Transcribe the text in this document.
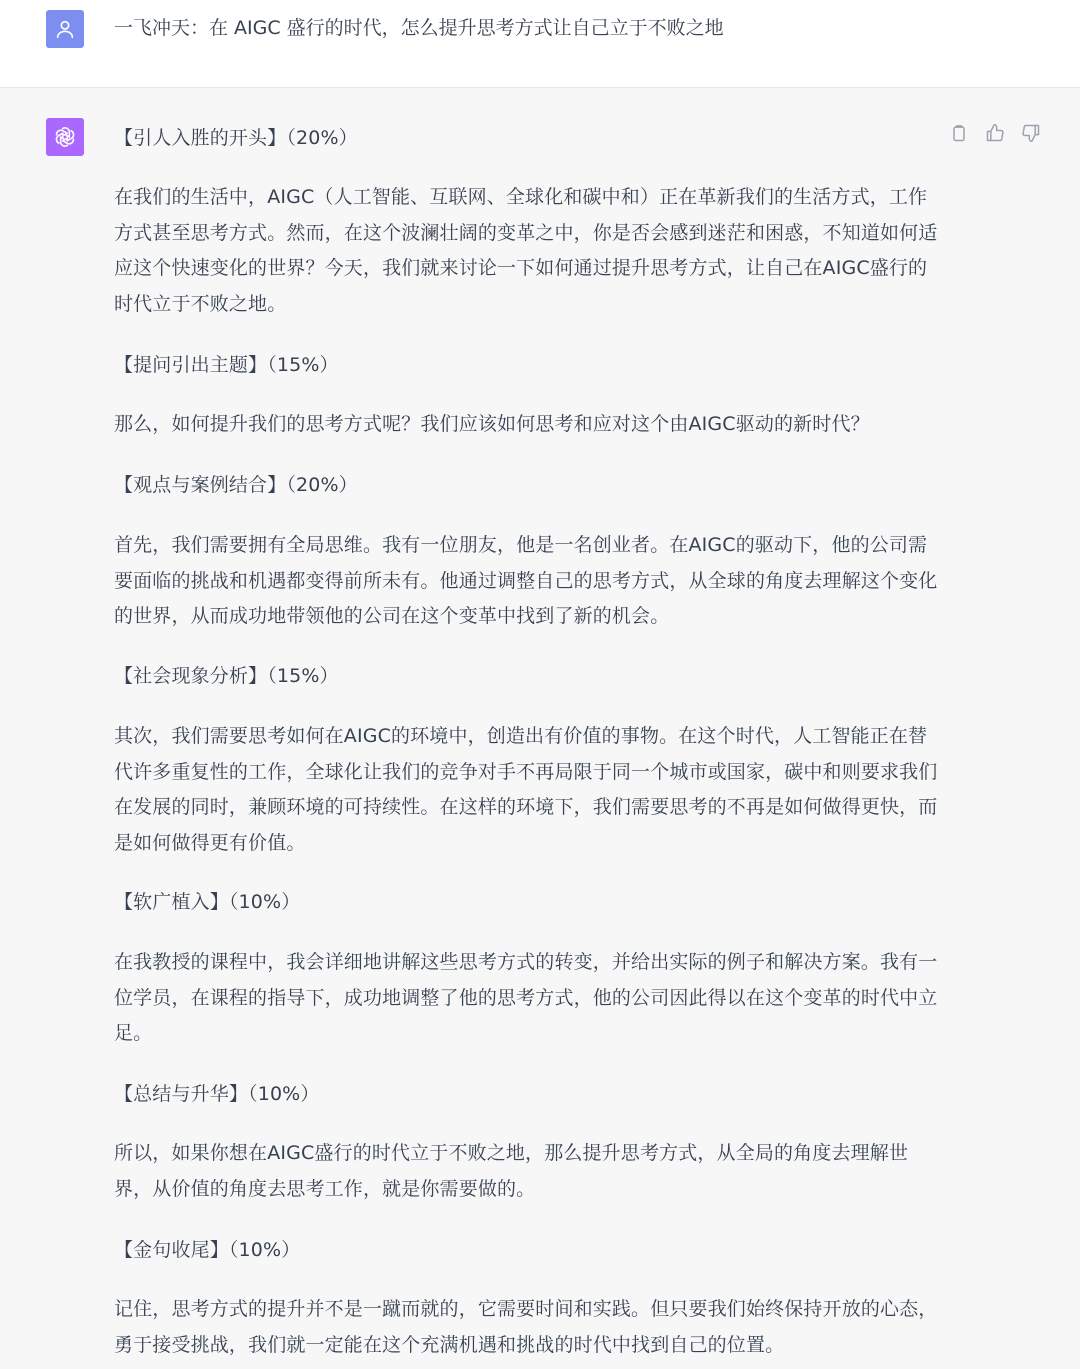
一飞冲天：在 AIGC 盛行的时代，怎么提升思考方式让自己立于不败之地
【引人入胜的开头】（20%）
在我们的生活中，AIGC（人工智能、互联网、全球化和碳中和）正在革新我们的生活方式，工作方式甚至思考方式。然而，在这个波澜壮阔的变革之中，你是否会感到迷茫和困惑，不知道如何适应这个快速变化的世界？今天，我们就来讨论一下如何通过提升思考方式，让自己在AIGC盛行的时代立于不败之地。
【提问引出主题】（15%）
那么，如何提升我们的思考方式呢？我们应该如何思考和应对这个由AIGC驱动的新时代？
【观点与案例结合】（20%）
首先，我们需要拥有全局思维。我有一位朋友，他是一名创业者。在AIGC的驱动下，他的公司需要面临的挑战和机遇都变得前所未有。他通过调整自己的思考方式，从全球的角度去理解这个变化的世界，从而成功地带领他的公司在这个变革中找到了新的机会。
【社会现象分析】（15%）
其次，我们需要思考如何在AIGC的环境中，创造出有价值的事物。在这个时代，人工智能正在替代许多重复性的工作，全球化让我们的竞争对手不再局限于同一个城市或国家，碳中和则要求我们在发展的同时，兼顾环境的可持续性。在这样的环境下，我们需要思考的不再是如何做得更快，而是如何做得更有价值。
【软广植入】（10%）
在我教授的课程中，我会详细地讲解这些思考方式的转变，并给出实际的例子和解决方案。我有一位学员，在课程的指导下，成功地调整了他的思考方式，他的公司因此得以在这个变革的时代中立足。
【总结与升华】（10%）
所以，如果你想在AIGC盛行的时代立于不败之地，那么提升思考方式，从全局的角度去理解世界，从价值的角度去思考工作，就是你需要做的。
【金句收尾】（10%）
记住，思考方式的提升并不是一蹴而就的，它需要时间和实践。但只要我们始终保持开放的心态，勇于接受挑战，我们就一定能在这个充满机遇和挑战的时代中找到自己的位置。
